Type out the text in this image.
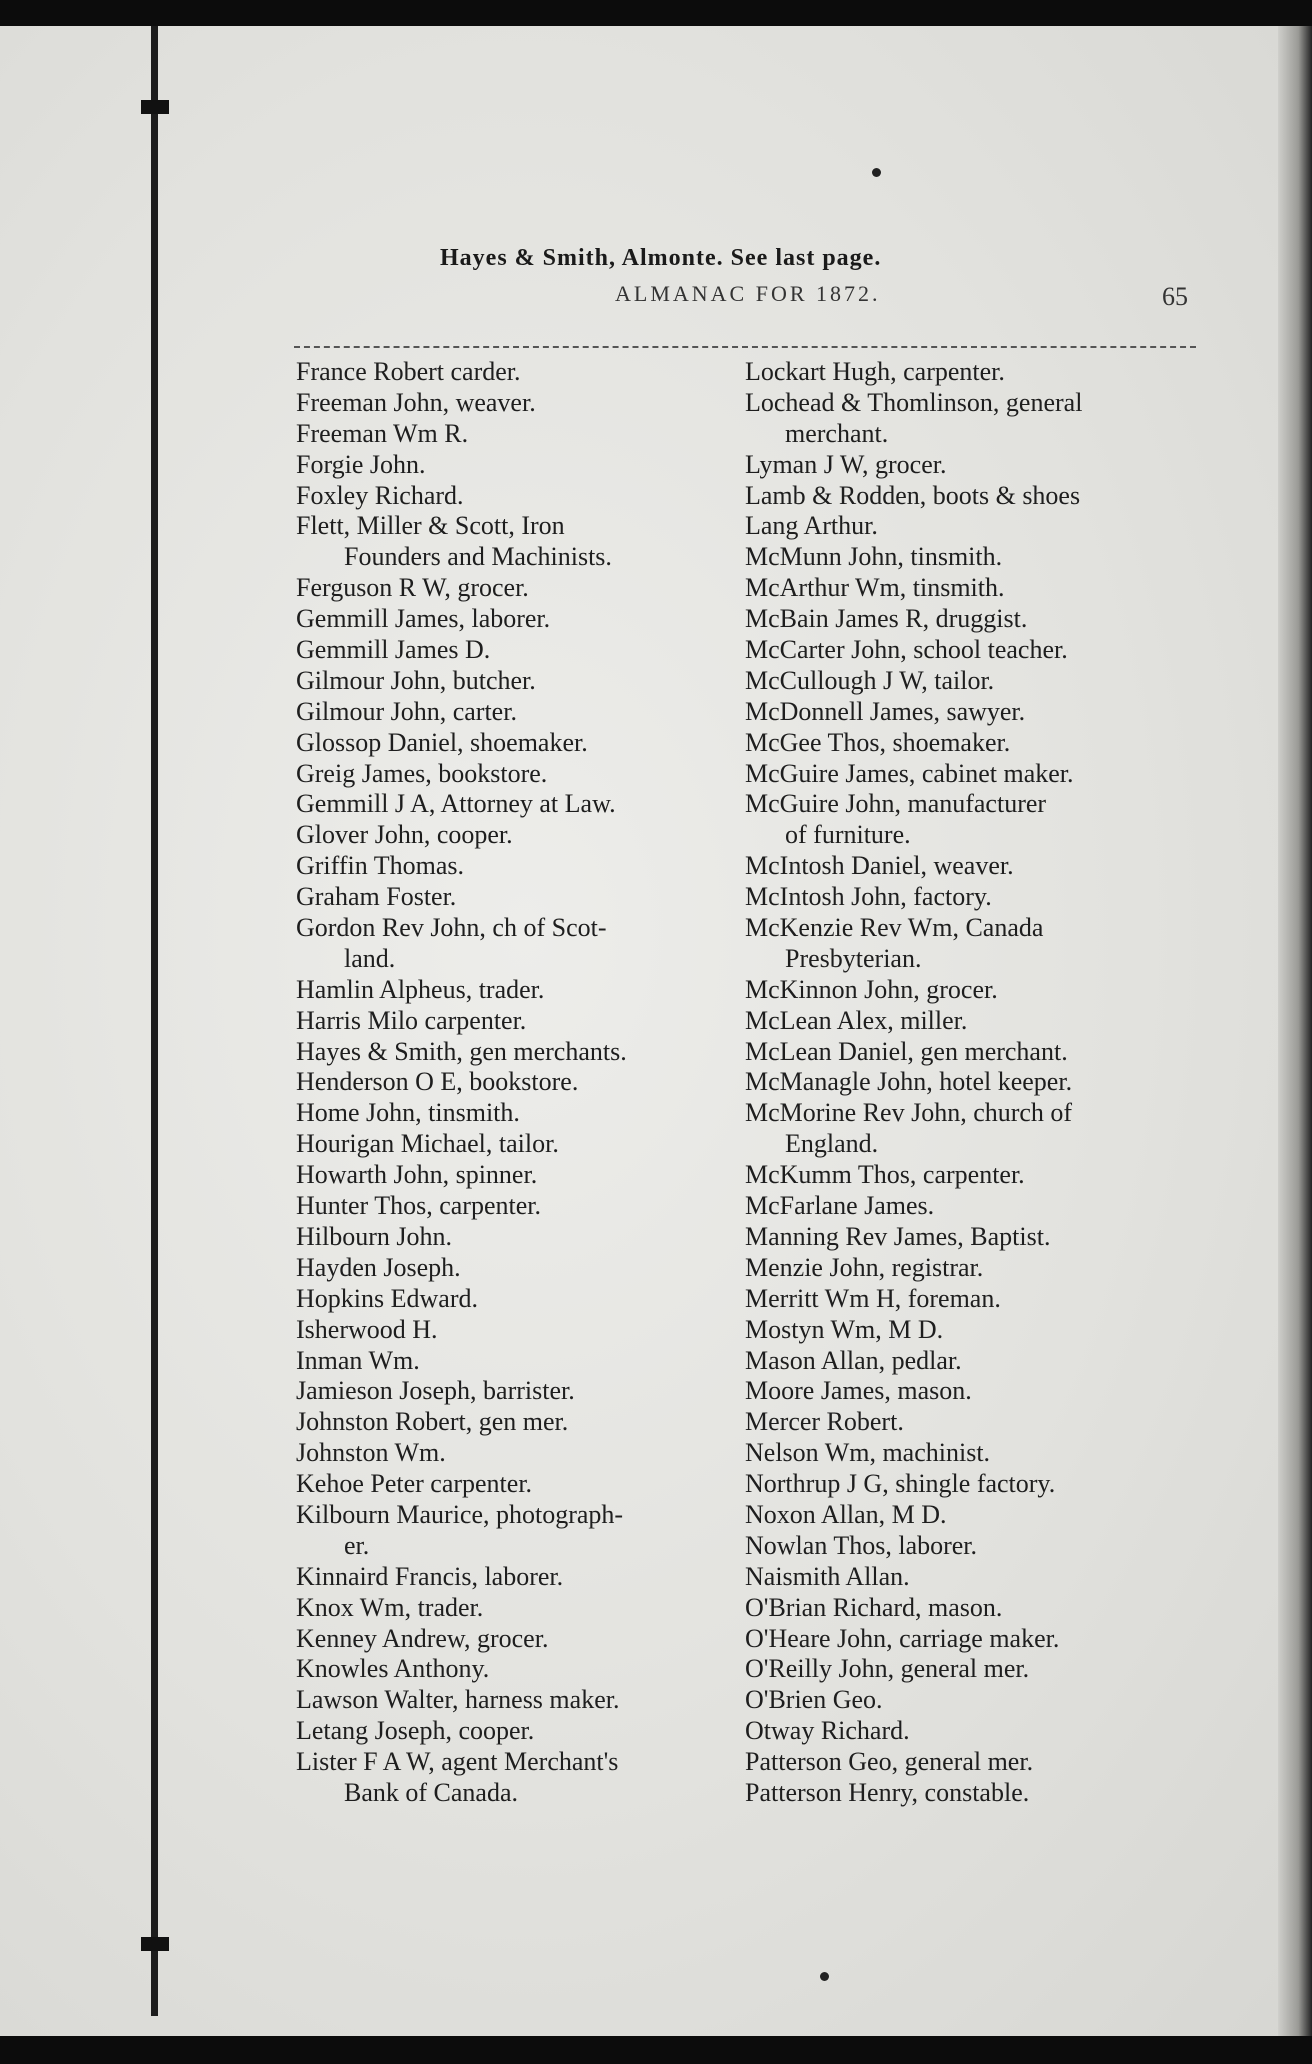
Hayes & Smith, Almonte. See last page.
ALMANAC FOR 1872.	65
France Robert carder.
Freeman John, weaver.
Freeman Wm R.
Forgie John.
Foxley Richard.
Flett, Miller & Scott, Iron
Founders and Machinists.
Ferguson R W, grocer.
Gemmill James, laborer.
Gemmill James D.
Gilmour John, butcher.
Gilmour John, carter.
Glossop Daniel, shoemaker.
Greig James, bookstore.
Gemmill J A, Attorney at Law.
Glover John, cooper.
Griffin Thomas.
Graham Foster.
Gordon Rev John, ch of Scot-
land.
Hamlin Alpheus, trader.
Harris Milo carpenter.
Hayes & Smith, gen merchants.
Henderson O E, bookstore.
Home John, tinsmith.
Hourigan Michael, tailor.
Howarth John, spinner.
Hunter Thos, carpenter.
Hilbourn John.
Hayden Joseph.
Hopkins Edward.
Isherwood H.
Inman Wm.
Jamieson Joseph, barrister.
Johnston Robert, gen mer.
Johnston Wm.
Kehoe Peter carpenter.
Kilbourn Maurice, photograph-
er.
Kinnaird Francis, laborer.
Knox Wm, trader.
Kenney Andrew, grocer.
Knowles Anthony.
Lawson Walter, harness maker.
Letang Joseph, cooper.
Lister F A W, agent Merchant's
Bank of Canada.
Lockart Hugh, carpenter.
Lochead & Thomlinson, general
merchant.
Lyman J W, grocer.
Lamb & Rodden, boots & shoes
Lang Arthur.
McMunn John, tinsmith.
McArthur Wm, tinsmith.
McBain James R, druggist.
McCarter John, school teacher.
McCullough J W, tailor.
McDonnell James, sawyer.
McGee Thos, shoemaker.
McGuire James, cabinet maker.
McGuire John, manufacturer
of furniture.
McIntosh Daniel, weaver.
McIntosh John, factory.
McKenzie Rev Wm, Canada
Presbyterian.
McKinnon John, grocer.
McLean Alex, miller.
McLean Daniel, gen merchant.
McManagle John, hotel keeper.
McMorine Rev John, church of
England.
McKumm Thos, carpenter.
McFarlane James.
Manning Rev James, Baptist.
Menzie John, registrar.
Merritt Wm H, foreman.
Mostyn Wm, M D.
Mason Allan, pedlar.
Moore James, mason.
Mercer Robert.
Nelson Wm, machinist.
Northrup J G, shingle factory.
Noxon Allan, M D.
Nowlan Thos, laborer.
Naismith Allan.
O'Brian Richard, mason.
O'Heare John, carriage maker.
O'Reilly John, general mer.
O'Brien Geo.
Otway Richard.
Patterson Geo, general mer.
Patterson Henry, constable.
